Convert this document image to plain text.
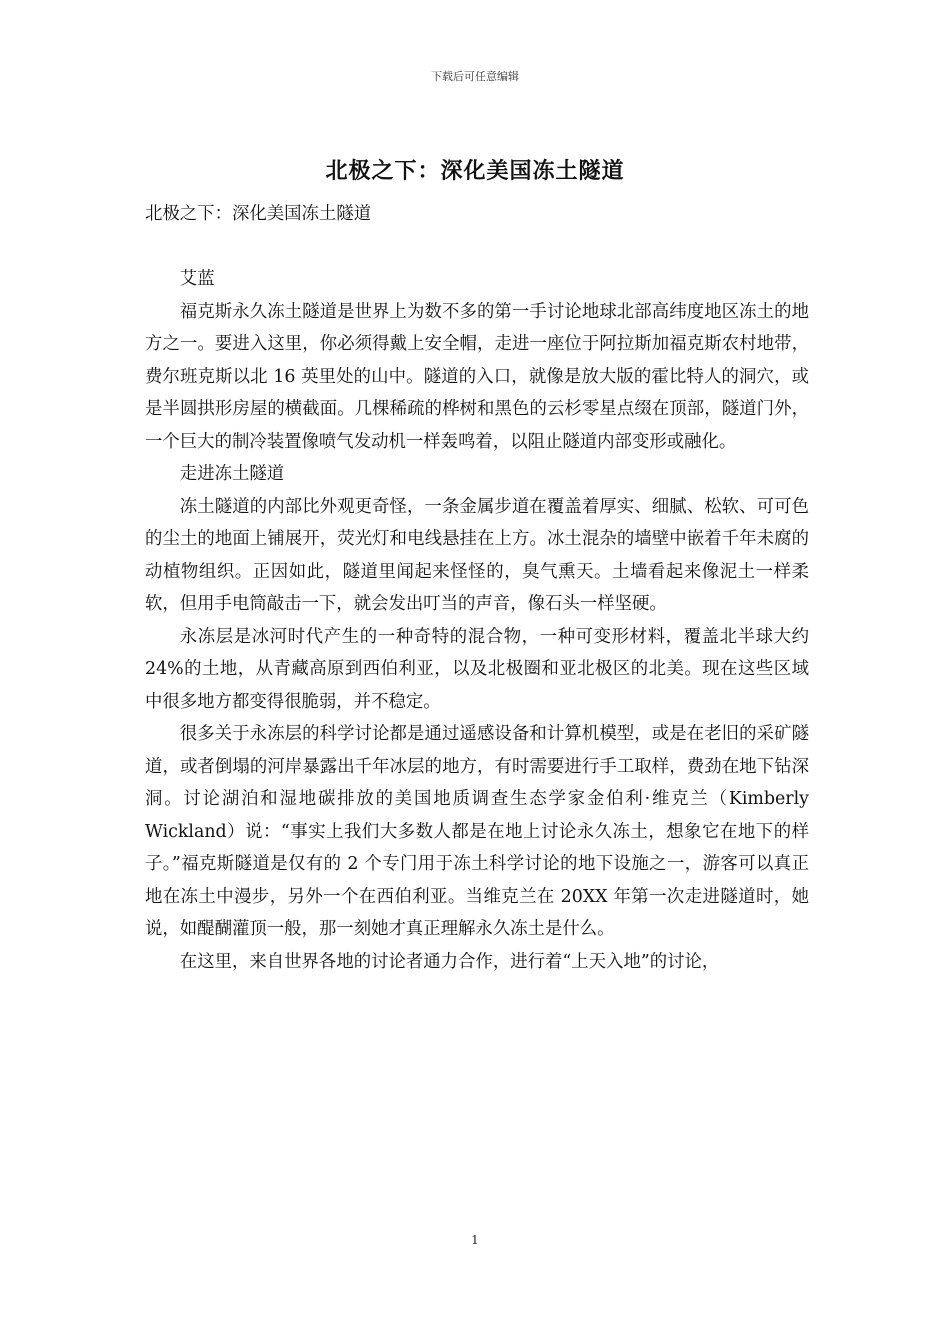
下载后可任意编辑
北极之下：深化美国冻土隧道

北极之下：深化美国冻土隧道

艾蓝

福克斯永久冻土隧道是世界上为数不多的第一手讨论地球北部高纬度地区冻土的地方之一。要进入这里，你必须得戴上安全帽，走进一座位于阿拉斯加福克斯农村地带，费尔班克斯以北 16 英里处的山中。隧道的入口，就像是放大版的霍比特人的洞穴，或是半圆拱形房屋的横截面。几棵稀疏的桦树和黑色的云杉零星点缀在顶部，隧道门外，一个巨大的制冷装置像喷气发动机一样轰鸣着，以阻止隧道内部变形或融化。

走进冻土隧道

冻土隧道的内部比外观更奇怪，一条金属步道在覆盖着厚实、细腻、松软、可可色的尘土的地面上铺展开，荧光灯和电线悬挂在上方。冰土混杂的墙壁中嵌着千年未腐的动植物组织。正因如此，隧道里闻起来怪怪的，臭气熏天。土墙看起来像泥土一样柔软，但用手电筒敲击一下，就会发出叮当的声音，像石头一样坚硬。

永冻层是冰河时代产生的一种奇特的混合物，一种可变形材料，覆盖北半球大约 24%的土地，从青藏高原到西伯利亚，以及北极圈和亚北极区的北美。现在这些区域中很多地方都变得很脆弱，并不稳定。

很多关于永冻层的科学讨论都是通过遥感设备和计算机模型，或是在老旧的采矿隧道，或者倒塌的河岸暴露出千年冰层的地方，有时需要进行手工取样，费劲在地下钻深洞。讨论湖泊和湿地碳排放的美国地质调查生态学家金伯利·维克兰（Kimberly Wickland）说：“事实上我们大多数人都是在地上讨论永久冻土，想象它在地下的样子。”福克斯隧道是仅有的 2 个专门用于冻土科学讨论的地下设施之一，游客可以真正地在冻土中漫步，另外一个在西伯利亚。当维克兰在 20XX 年第一次走进隧道时，她说，如醍醐灌顶一般，那一刻她才真正理解永久冻土是什么。

在这里，来自世界各地的讨论者通力合作，进行着“上天入地”的讨论，

1
